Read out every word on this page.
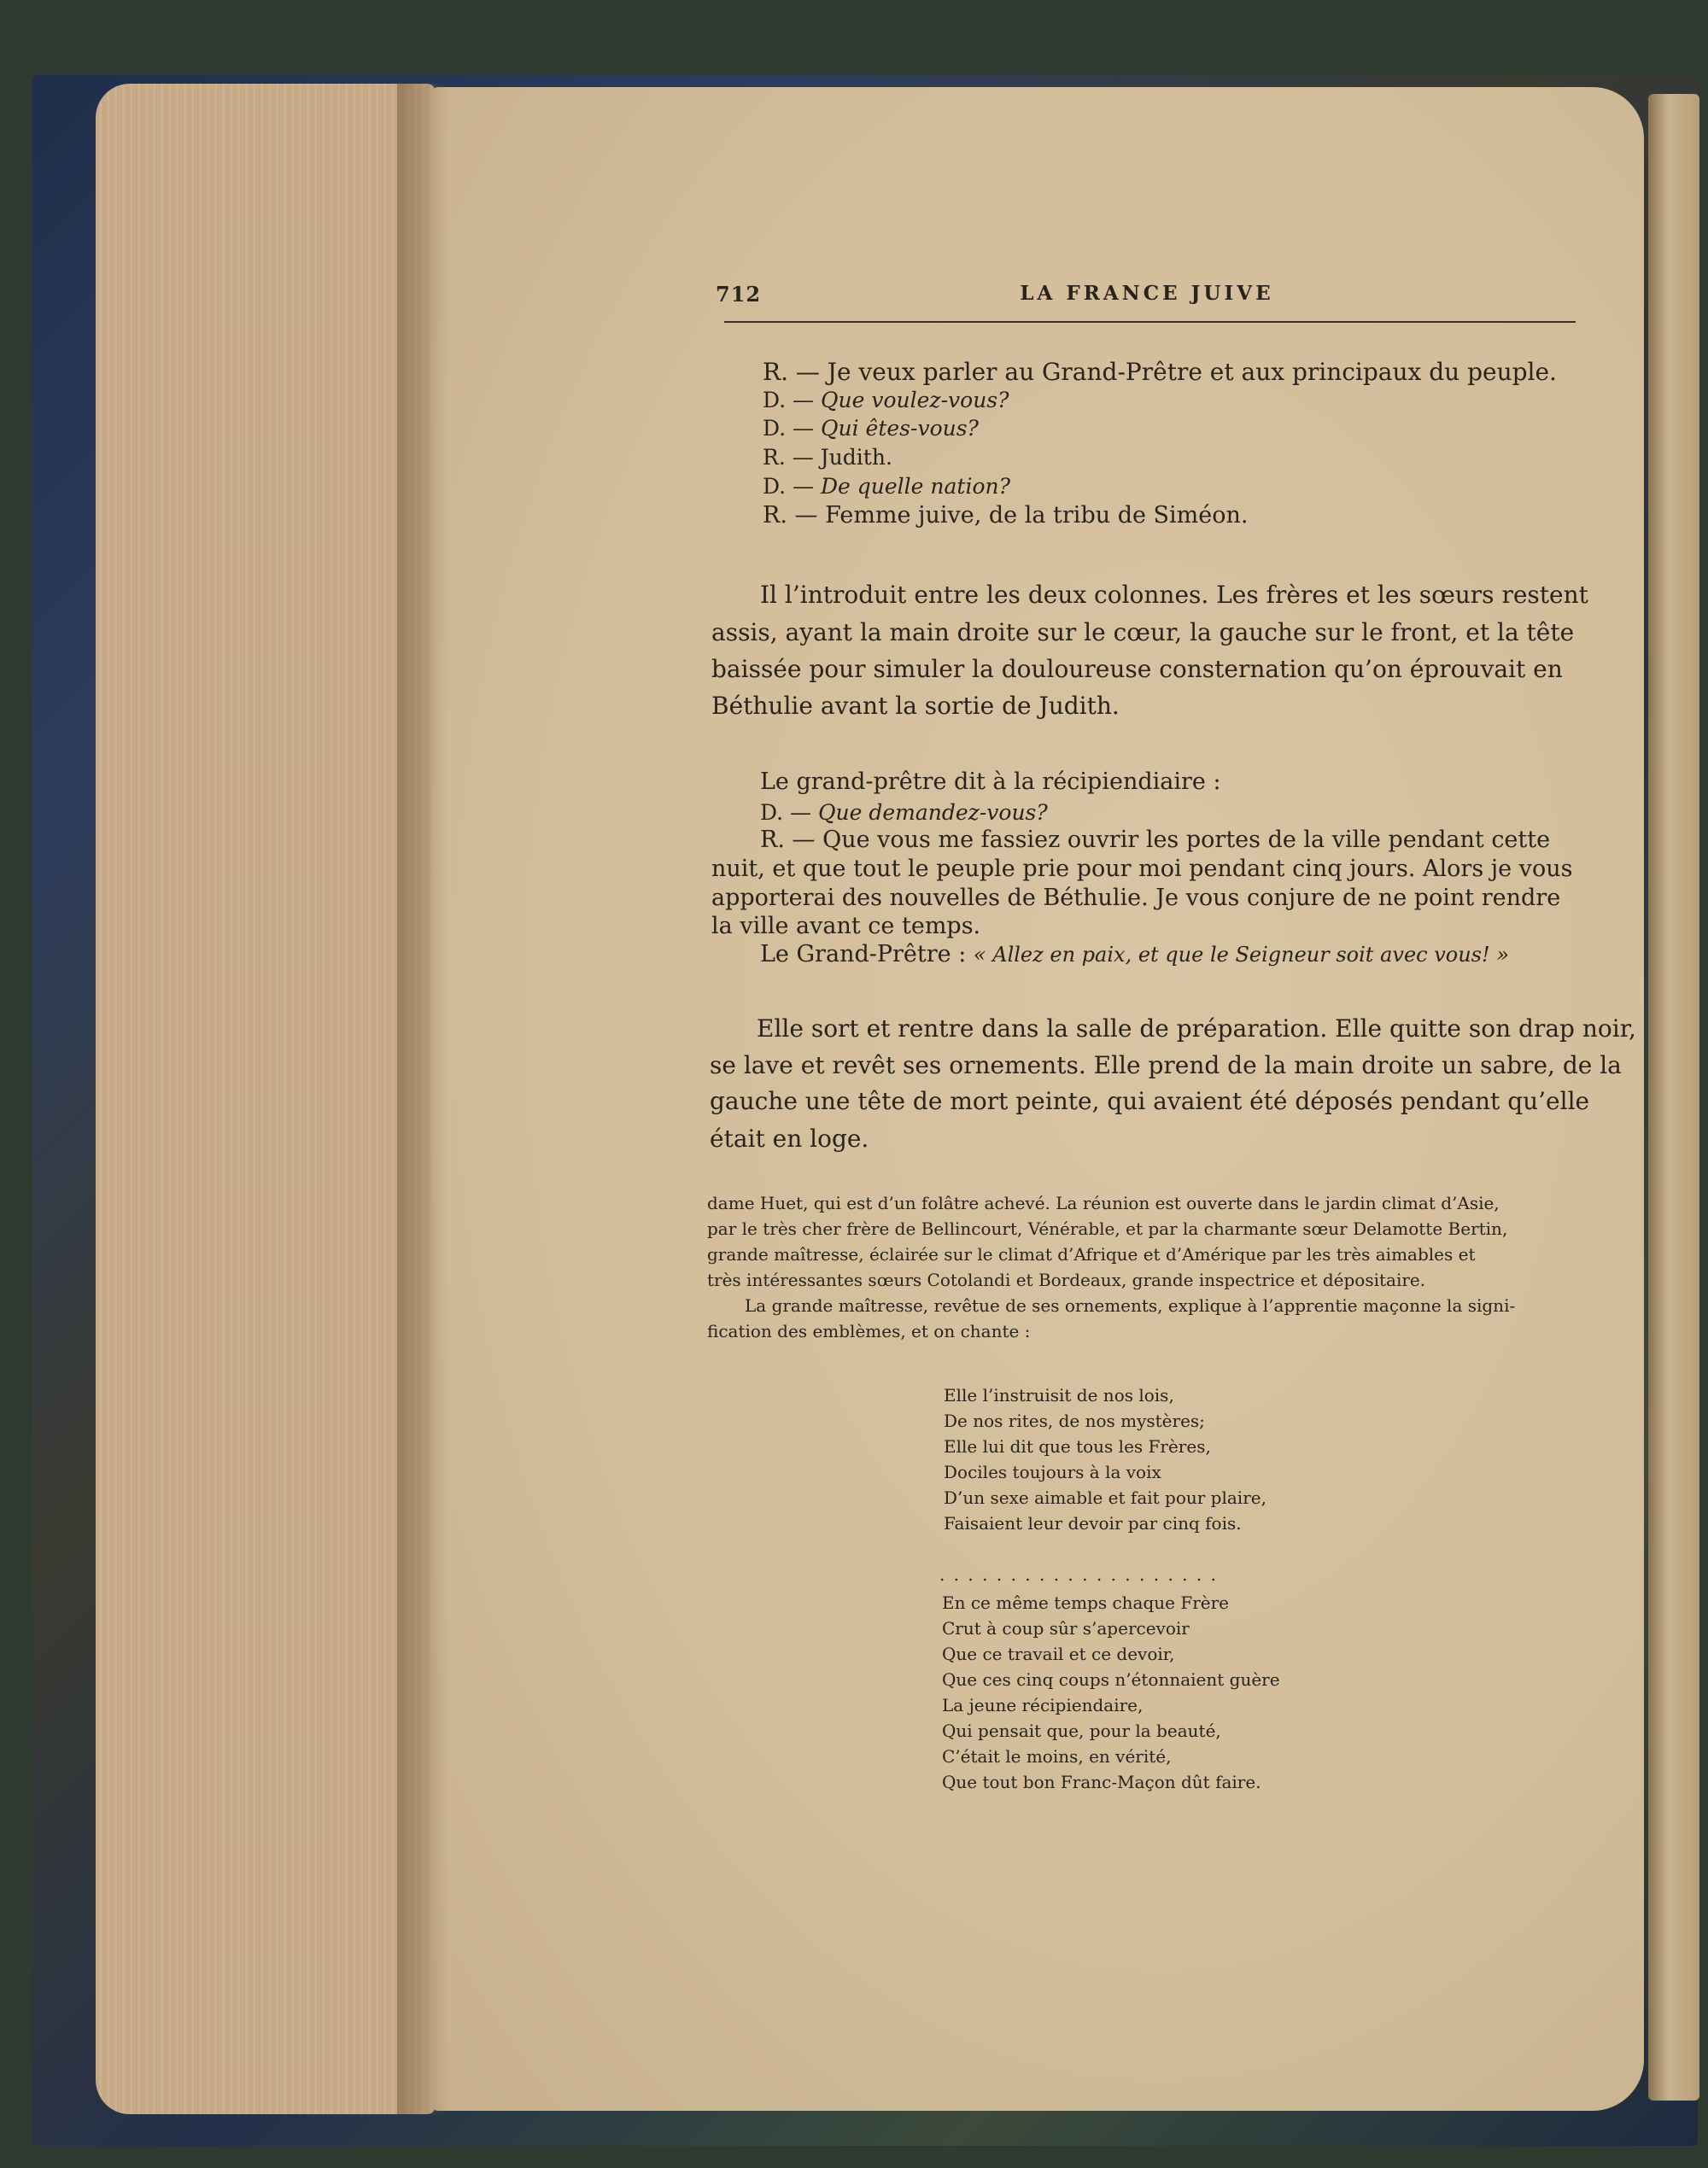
712	LA FRANCE JUIVE
R. — Je veux parler au Grand-Prêtre et aux principaux du peuple.
D. — Que voulez-vous?
D. — Qui êtes-vous?
R. — Judith.
D. — De quelle nation?
R. — Femme juive, de la tribu de Siméon.
Il l’introduit entre les deux colonnes. Les frères et les sœurs restent
assis, ayant la main droite sur le cœur, la gauche sur le front, et la tête
baissée pour simuler la douloureuse consternation qu’on éprouvait en
Béthulie avant la sortie de Judith.
Le grand-prêtre dit à la récipiendiaire :
D. — Que demandez-vous?
R. — Que vous me fassiez ouvrir les portes de la ville pendant cette
nuit, et que tout le peuple prie pour moi pendant cinq jours. Alors je vous
apporterai des nouvelles de Béthulie. Je vous conjure de ne point rendre
la ville avant ce temps.
Le Grand-Prêtre : « Allez en paix, et que le Seigneur soit avec vous! »
Elle sort et rentre dans la salle de préparation. Elle quitte son drap noir,
se lave et revêt ses ornements. Elle prend de la main droite un sabre, de la
gauche une tête de mort peinte, qui avaient été déposés pendant qu’elle
était en loge.
dame Huet, qui est d’un folâtre achevé. La réunion est ouverte dans le jardin climat d’Asie,
par le très cher frère de Bellincourt, Vénérable, et par la charmante sœur Delamotte Bertin,
grande maîtresse, éclairée sur le climat d’Afrique et d’Amérique par les très aimables et
très intéressantes sœurs Cotolandi et Bordeaux, grande inspectrice et dépositaire.
La grande maîtresse, revêtue de ses ornements, explique à l’apprentie maçonne la signi-
fication des emblèmes, et on chante :
Elle l’instruisit de nos lois,
De nos rites, de nos mystères;
Elle lui dit que tous les Frères,
Dociles toujours à la voix
D’un sexe aimable et fait pour plaire,
Faisaient leur devoir par cinq fois.
. . . . . . . . . . . . . . . . . . . .
En ce même temps chaque Frère
Crut à coup sûr s’apercevoir
Que ce travail et ce devoir,
Que ces cinq coups n’étonnaient guère
La jeune récipiendaire,
Qui pensait que, pour la beauté,
C’était le moins, en vérité,
Que tout bon Franc-Maçon dût faire.
